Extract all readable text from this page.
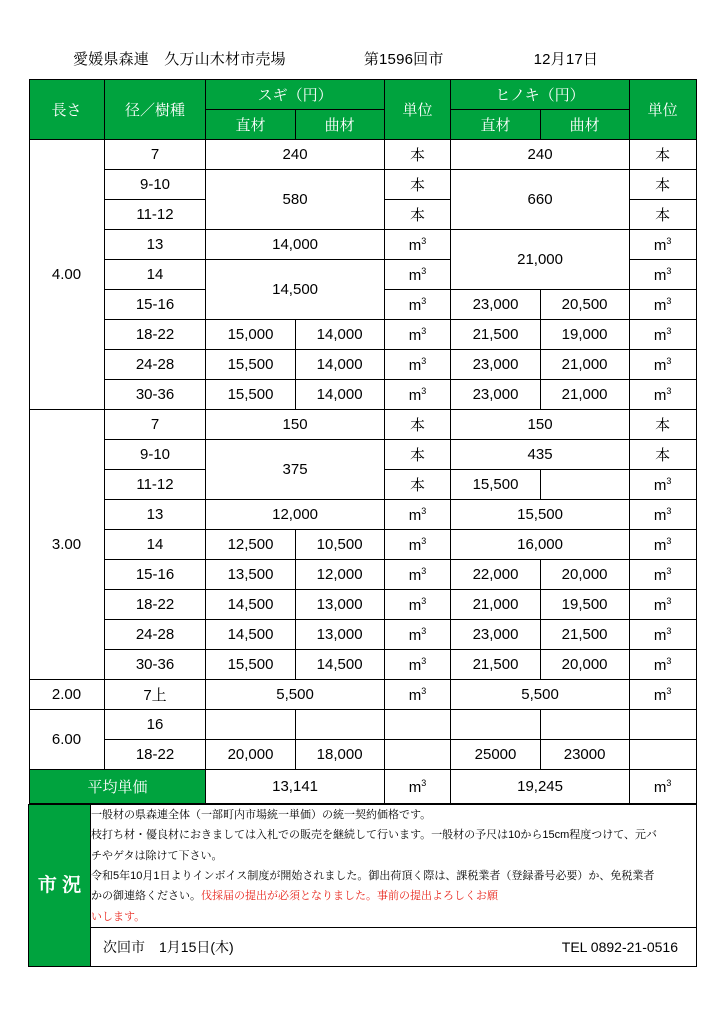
愛媛県森連　久万山木材市売場	第1596回市	12月17日
長さ	径／樹種	スギ（円）		単位	ヒノキ（円）		単位
		直材	曲材		直材	曲材	
4.00	7	240		本	240		本
	9-10	580		本	660		本
	11-12			本			本
	13	14,000		$m^3$	21,000		$m^3$
	14	14,500		$m^3$			$m^3$
	15-16			$m^3$	23,000	20,500	$m^3$
	18-22	15,000	14,000	$m^3$	21,500	19,000	$m^3$
	24-28	15,500	14,000	$m^3$	23,000	21,000	$m^3$
	30-36	15,500	14,000	$m^3$	23,000	21,000	$m^3$
3.00	7	150		本	150		本
	9-10	375		本	435		本
	11-12			本	15,500		$m^3$
	13	12,000		$m^3$	15,500		$m^3$
	14	12,500	10,500	$m^3$	16,000		$m^3$
	15-16	13,500	12,000	$m^3$	22,000	20,000	$m^3$
	18-22	14,500	13,000	$m^3$	21,000	19,500	$m^3$
	24-28	14,500	13,000	$m^3$	23,000	21,500	$m^3$
	30-36	15,500	14,500	$m^3$	21,500	20,000	$m^3$
2.00	7上	5,500		$m^3$	5,500		$m^3$
6.00	16						
	18-22	20,000	18,000		25000	23000	
平均単価		13,141		$m^3$	19,245		$m^3$
市 況	

一般材の県森連全体（一部町内市場統一単価）の統一契約価格です。

枝打ち材・優良材におきましては入札での販売を継続して行います。一般材の予尺は10から15cm程度つけて、元バ

チやゲタは除けて下さい。

令和5年10月1日よりインボイス制度が開始されました。御出荷頂く際は、課税業者（登録番号必要）か、免税業者

かの御連絡ください。伐採届の提出が必須となりました。事前の提出よろしくお願

いします。

次回市　1月15日(木)	TEL 0892-21-0516
